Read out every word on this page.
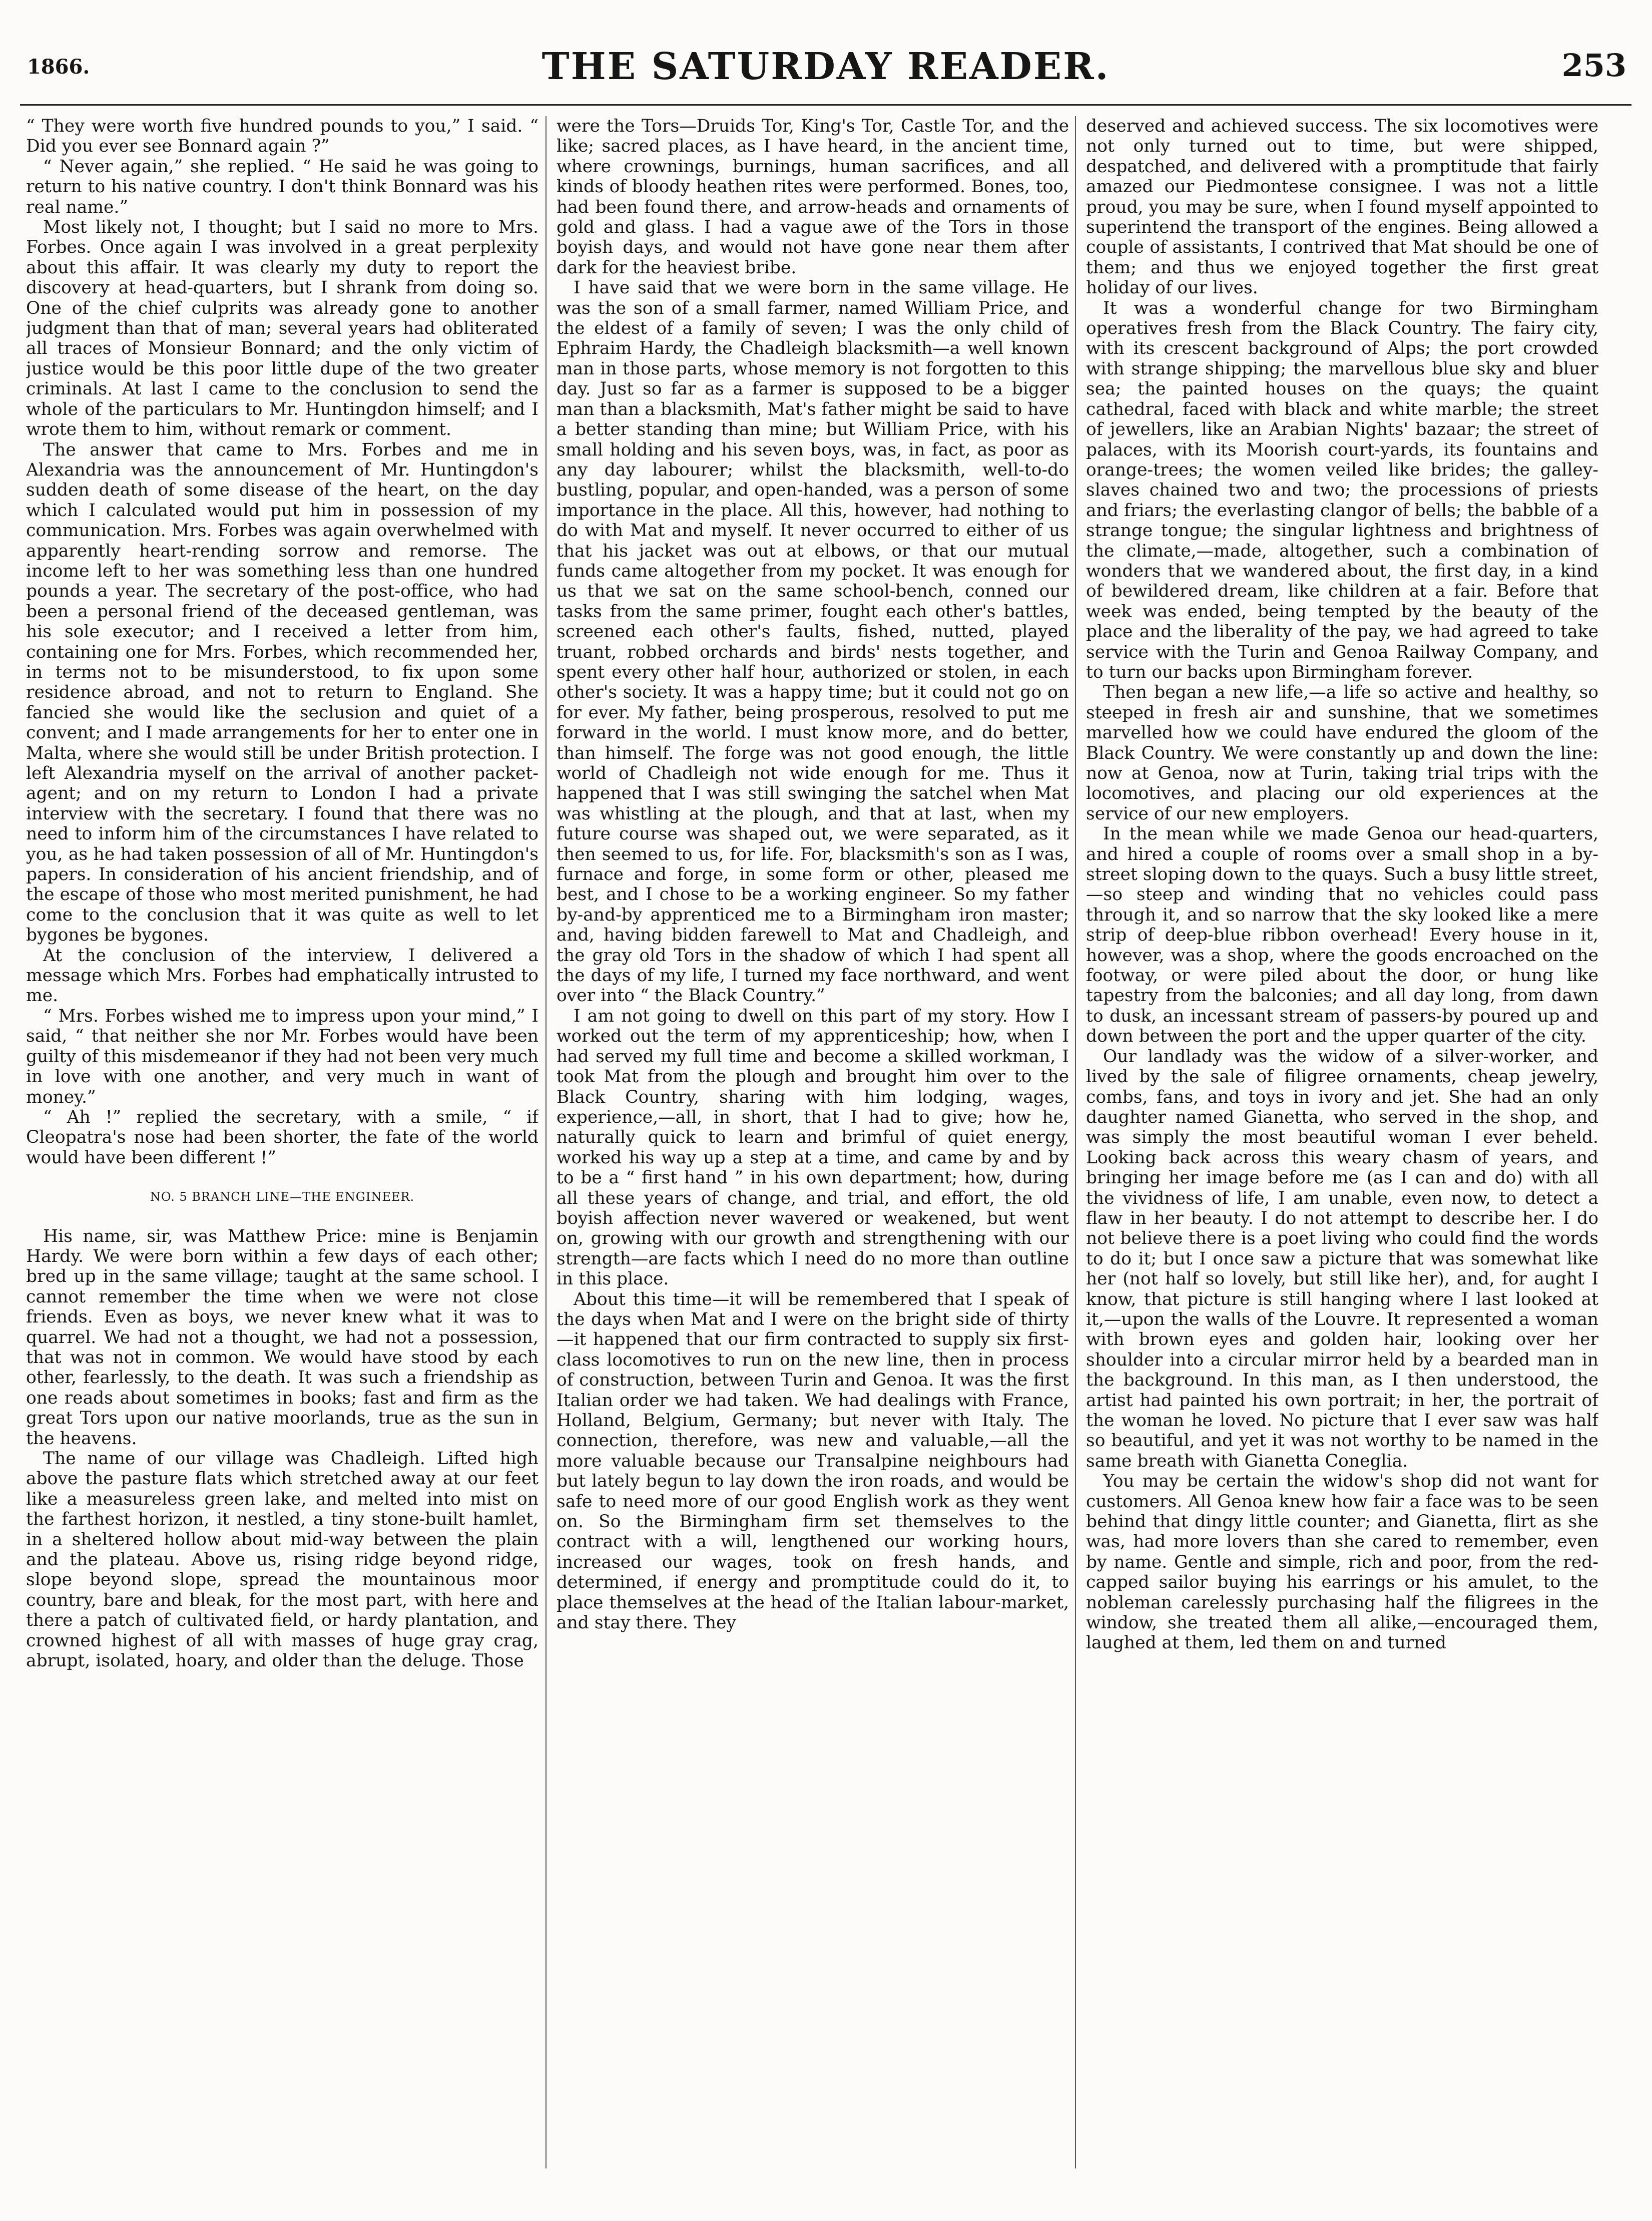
1866.	THE SATURDAY READER.	253

“ They were worth five hundred pounds to you,” I said. “ Did you ever see Bonnard again ?”

“ Never again,” she replied. “ He said he was going to return to his native country. I don't think Bonnard was his real name.”

Most likely not, I thought; but I said no more to Mrs. Forbes. Once again I was involved in a great perplexity about this affair. It was clearly my duty to report the discovery at head-quarters, but I shrank from doing so. One of the chief culprits was already gone to another judgment than that of man; several years had obliterated all traces of Monsieur Bonnard; and the only victim of justice would be this poor little dupe of the two greater criminals. At last I came to the conclusion to send the whole of the particulars to Mr. Huntingdon himself; and I wrote them to him, without remark or comment.

The answer that came to Mrs. Forbes and me in Alexandria was the announcement of Mr. Huntingdon's sudden death of some disease of the heart, on the day which I calculated would put him in possession of my communication. Mrs. Forbes was again overwhelmed with apparently heart-rending sorrow and remorse. The income left to her was something less than one hundred pounds a year. The secretary of the post-office, who had been a personal friend of the deceased gentleman, was his sole executor; and I received a letter from him, containing one for Mrs. Forbes, which recommended her, in terms not to be misunderstood, to fix upon some residence abroad, and not to return to England. She fancied she would like the seclusion and quiet of a convent; and I made arrangements for her to enter one in Malta, where she would still be under British protection. I left Alexandria myself on the arrival of another packet-agent; and on my return to London I had a private interview with the secretary. I found that there was no need to inform him of the circumstances I have related to you, as he had taken possession of all of Mr. Huntingdon's papers. In consideration of his ancient friendship, and of the escape of those who most merited punishment, he had come to the conclusion that it was quite as well to let bygones be bygones.

At the conclusion of the interview, I delivered a message which Mrs. Forbes had emphatically intrusted to me.

“ Mrs. Forbes wished me to impress upon your mind,” I said, “ that neither she nor Mr. Forbes would have been guilty of this misdemeanor if they had not been very much in love with one another, and very much in want of money.”

“ Ah !” replied the secretary, with a smile, “ if Cleopatra's nose had been shorter, the fate of the world would have been different !”

NO. 5 BRANCH LINE—THE ENGINEER.

His name, sir, was Matthew Price: mine is Benjamin Hardy. We were born within a few days of each other; bred up in the same village; taught at the same school. I cannot remember the time when we were not close friends. Even as boys, we never knew what it was to quarrel. We had not a thought, we had not a possession, that was not in common. We would have stood by each other, fearlessly, to the death. It was such a friendship as one reads about sometimes in books; fast and firm as the great Tors upon our native moorlands, true as the sun in the heavens.

The name of our village was Chadleigh. Lifted high above the pasture flats which stretched away at our feet like a measureless green lake, and melted into mist on the farthest horizon, it nestled, a tiny stone-built hamlet, in a sheltered hollow about mid-way between the plain and the plateau. Above us, rising ridge beyond ridge, slope beyond slope, spread the mountainous moor country, bare and bleak, for the most part, with here and there a patch of cultivated field, or hardy plantation, and crowned highest of all with masses of huge gray crag, abrupt, isolated, hoary, and older than the deluge. Those

were the Tors—Druids Tor, King's Tor, Castle Tor, and the like; sacred places, as I have heard, in the ancient time, where crownings, burnings, human sacrifices, and all kinds of bloody heathen rites were performed. Bones, too, had been found there, and arrow-heads and ornaments of gold and glass. I had a vague awe of the Tors in those boyish days, and would not have gone near them after dark for the heaviest bribe.

I have said that we were born in the same village. He was the son of a small farmer, named William Price, and the eldest of a family of seven; I was the only child of Ephraim Hardy, the Chadleigh blacksmith—a well known man in those parts, whose memory is not forgotten to this day. Just so far as a farmer is supposed to be a bigger man than a blacksmith, Mat's father might be said to have a better standing than mine; but William Price, with his small holding and his seven boys, was, in fact, as poor as any day labourer; whilst the blacksmith, well-to-do bustling, popular, and open-handed, was a person of some importance in the place. All this, however, had nothing to do with Mat and myself. It never occurred to either of us that his jacket was out at elbows, or that our mutual funds came altogether from my pocket. It was enough for us that we sat on the same school-bench, conned our tasks from the same primer, fought each other's battles, screened each other's faults, fished, nutted, played truant, robbed orchards and birds' nests together, and spent every other half hour, authorized or stolen, in each other's society. It was a happy time; but it could not go on for ever. My father, being prosperous, resolved to put me forward in the world. I must know more, and do better, than himself. The forge was not good enough, the little world of Chadleigh not wide enough for me. Thus it happened that I was still swinging the satchel when Mat was whistling at the plough, and that at last, when my future course was shaped out, we were separated, as it then seemed to us, for life. For, blacksmith's son as I was, furnace and forge, in some form or other, pleased me best, and I chose to be a working engineer. So my father by-and-by apprenticed me to a Birmingham iron master; and, having bidden farewell to Mat and Chadleigh, and the gray old Tors in the shadow of which I had spent all the days of my life, I turned my face northward, and went over into “ the Black Country.”

I am not going to dwell on this part of my story. How I worked out the term of my apprenticeship; how, when I had served my full time and become a skilled workman, I took Mat from the plough and brought him over to the Black Country, sharing with him lodging, wages, experience,—all, in short, that I had to give; how he, naturally quick to learn and brimful of quiet energy, worked his way up a step at a time, and came by and by to be a “ first hand ” in his own department; how, during all these years of change, and trial, and effort, the old boyish affection never wavered or weakened, but went on, growing with our growth and strengthening with our strength—are facts which I need do no more than outline in this place.

About this time—it will be remembered that I speak of the days when Mat and I were on the bright side of thirty—it happened that our firm contracted to supply six first-class locomotives to run on the new line, then in process of construction, between Turin and Genoa. It was the first Italian order we had taken. We had dealings with France, Holland, Belgium, Germany; but never with Italy. The connection, therefore, was new and valuable,—all the more valuable because our Transalpine neighbours had but lately begun to lay down the iron roads, and would be safe to need more of our good English work as they went on. So the Birmingham firm set themselves to the contract with a will, lengthened our working hours, increased our wages, took on fresh hands, and determined, if energy and promptitude could do it, to place themselves at the head of the Italian labour-market, and stay there. They

deserved and achieved success. The six locomotives were not only turned out to time, but were shipped, despatched, and delivered with a promptitude that fairly amazed our Piedmontese consignee. I was not a little proud, you may be sure, when I found myself appointed to superintend the transport of the engines. Being allowed a couple of assistants, I contrived that Mat should be one of them; and thus we enjoyed together the first great holiday of our lives.

It was a wonderful change for two Birmingham operatives fresh from the Black Country. The fairy city, with its crescent background of Alps; the port crowded with strange shipping; the marvellous blue sky and bluer sea; the painted houses on the quays; the quaint cathedral, faced with black and white marble; the street of jewellers, like an Arabian Nights' bazaar; the street of palaces, with its Moorish court-yards, its fountains and orange-trees; the women veiled like brides; the galley-slaves chained two and two; the processions of priests and friars; the everlasting clangor of bells; the babble of a strange tongue; the singular lightness and brightness of the climate,—made, altogether, such a combination of wonders that we wandered about, the first day, in a kind of bewildered dream, like children at a fair. Before that week was ended, being tempted by the beauty of the place and the liberality of the pay, we had agreed to take service with the Turin and Genoa Railway Company, and to turn our backs upon Birmingham forever.

Then began a new life,—a life so active and healthy, so steeped in fresh air and sunshine, that we sometimes marvelled how we could have endured the gloom of the Black Country. We were constantly up and down the line: now at Genoa, now at Turin, taking trial trips with the locomotives, and placing our old experiences at the service of our new employers.

In the mean while we made Genoa our head-quarters, and hired a couple of rooms over a small shop in a by-street sloping down to the quays. Such a busy little street,—so steep and winding that no vehicles could pass through it, and so narrow that the sky looked like a mere strip of deep-blue ribbon overhead! Every house in it, however, was a shop, where the goods encroached on the footway, or were piled about the door, or hung like tapestry from the balconies; and all day long, from dawn to dusk, an incessant stream of passers-by poured up and down between the port and the upper quarter of the city.

Our landlady was the widow of a silver-worker, and lived by the sale of filigree ornaments, cheap jewelry, combs, fans, and toys in ivory and jet. She had an only daughter named Gianetta, who served in the shop, and was simply the most beautiful woman I ever beheld. Looking back across this weary chasm of years, and bringing her image before me (as I can and do) with all the vividness of life, I am unable, even now, to detect a flaw in her beauty. I do not attempt to describe her. I do not believe there is a poet living who could find the words to do it; but I once saw a picture that was somewhat like her (not half so lovely, but still like her), and, for aught I know, that picture is still hanging where I last looked at it,—upon the walls of the Louvre. It represented a woman with brown eyes and golden hair, looking over her shoulder into a circular mirror held by a bearded man in the background. In this man, as I then understood, the artist had painted his own portrait; in her, the portrait of the woman he loved. No picture that I ever saw was half so beautiful, and yet it was not worthy to be named in the same breath with Gianetta Coneglia.

You may be certain the widow's shop did not want for customers. All Genoa knew how fair a face was to be seen behind that dingy little counter; and Gianetta, flirt as she was, had more lovers than she cared to remember, even by name. Gentle and simple, rich and poor, from the red-capped sailor buying his earrings or his amulet, to the nobleman carelessly purchasing half the filigrees in the window, she treated them all alike,—encouraged them, laughed at them, led them on and turned
